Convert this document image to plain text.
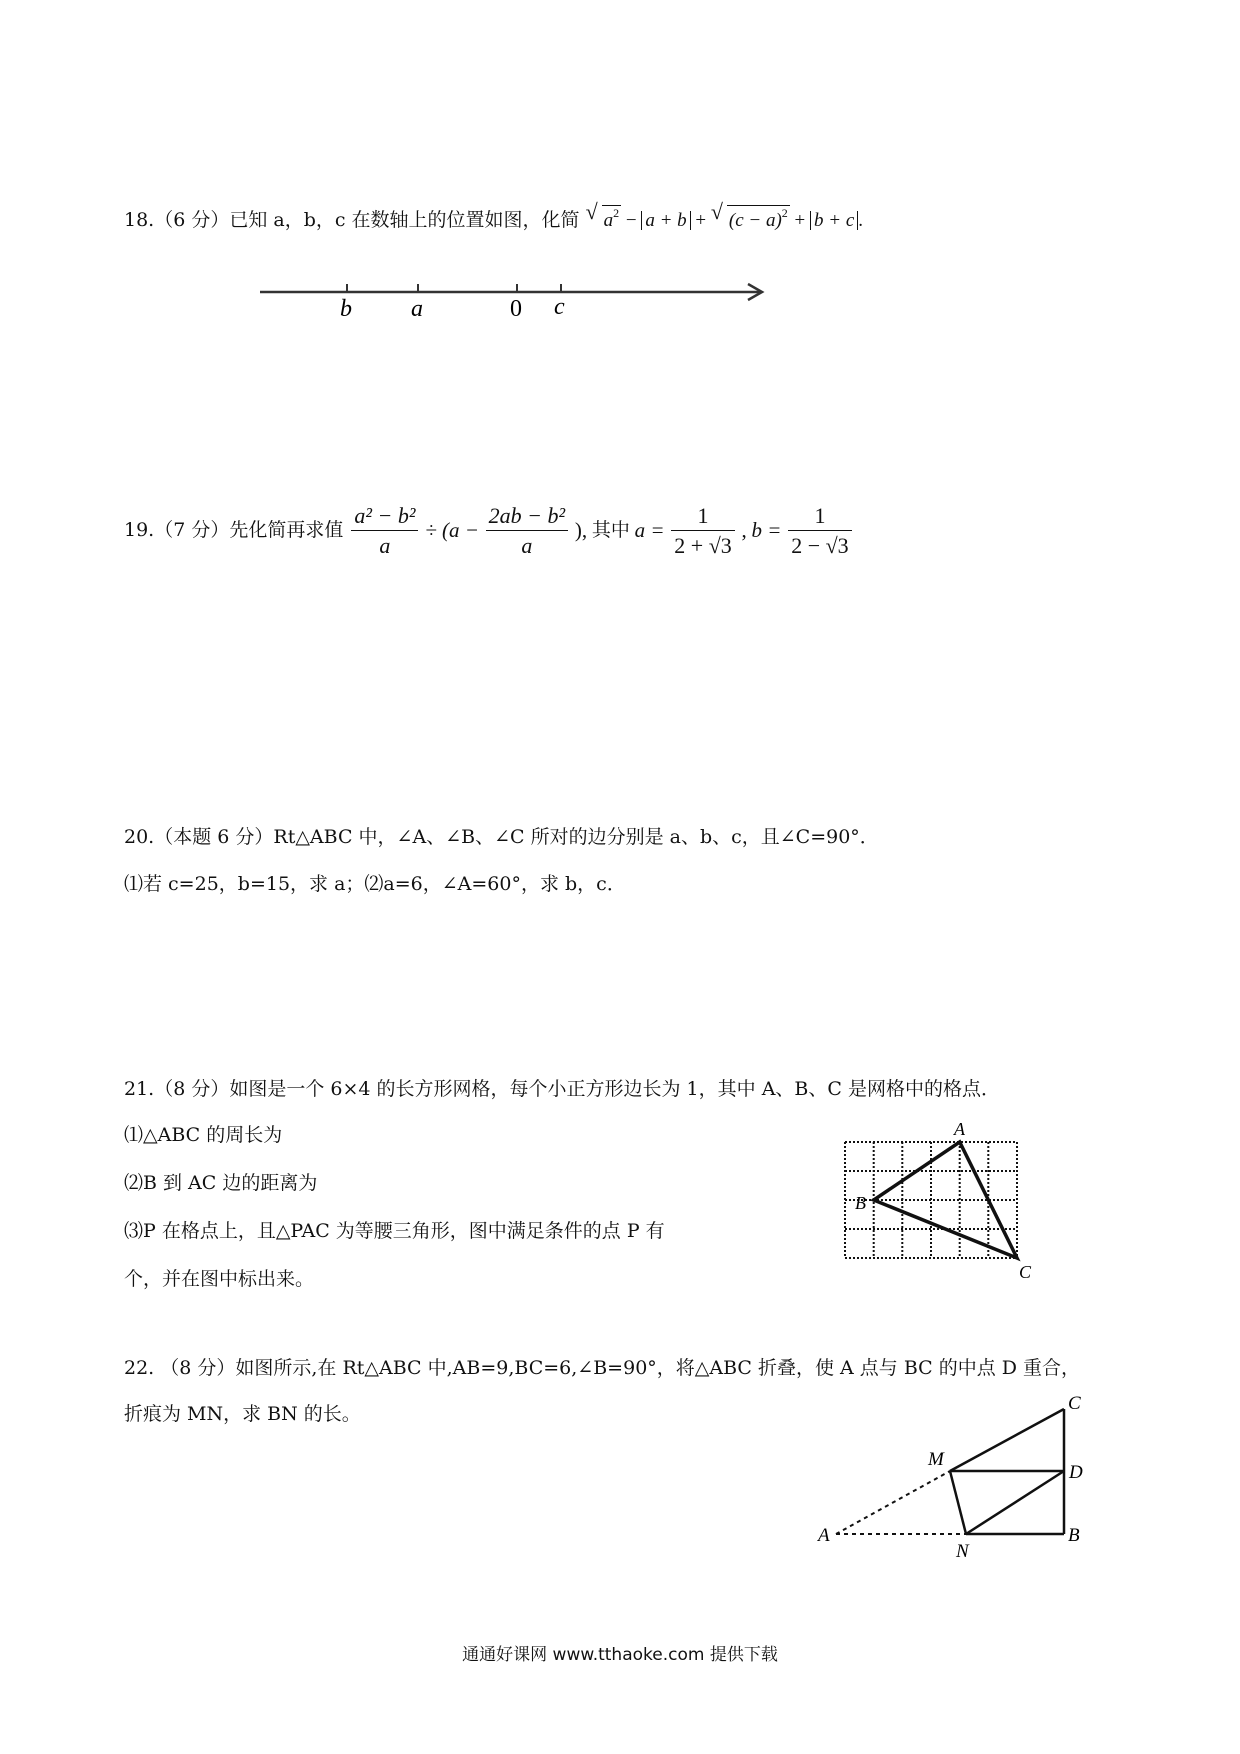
18.（6 分）已知 a，b，c 在数轴上的位置如图，化简 √ $a^2 - a + b$ + √ $(c - a)^2 + b + c$ .
b a	0 c
19.（7 分）先化简再求值 $\frac{\text{a² − b²}}{a} \div (a - \frac{\text{2ab − b²}}{a}$ ), 其中 $a = \frac{1}{2 + √3}$ , $b = \frac{1}{2 - √3}$
20.（本题 6 分）Rt△ABC 中，∠A、∠B、∠C 所对的边分别是 a、b、c，且∠C=90°．
⑴若 c=25，b=15，求 a；⑵a=6，∠A=60°，求 b，c．
21.（8 分）如图是一个 6×4 的长方形网格，每个小正方形边长为 1，其中 A、B、C 是网格中的格点．
⑴△ABC 的周长为
⑵B 到 AC 边的距离为
⑶P 在格点上，且△PAC 为等腰三角形，图中满足条件的点 P 有
个，并在图中标出来。
A
B
C
22. （8 分）如图所示,在 Rt△ABC 中,AB=9,BC=6,∠B=90°，将△ABC 折叠，使 A 点与 BC 的中点 D 重合，
折痕为 MN，求 BN 的长。	C
M
D
A
N
B
通通好课网 www.tthaoke.com 提供下载
